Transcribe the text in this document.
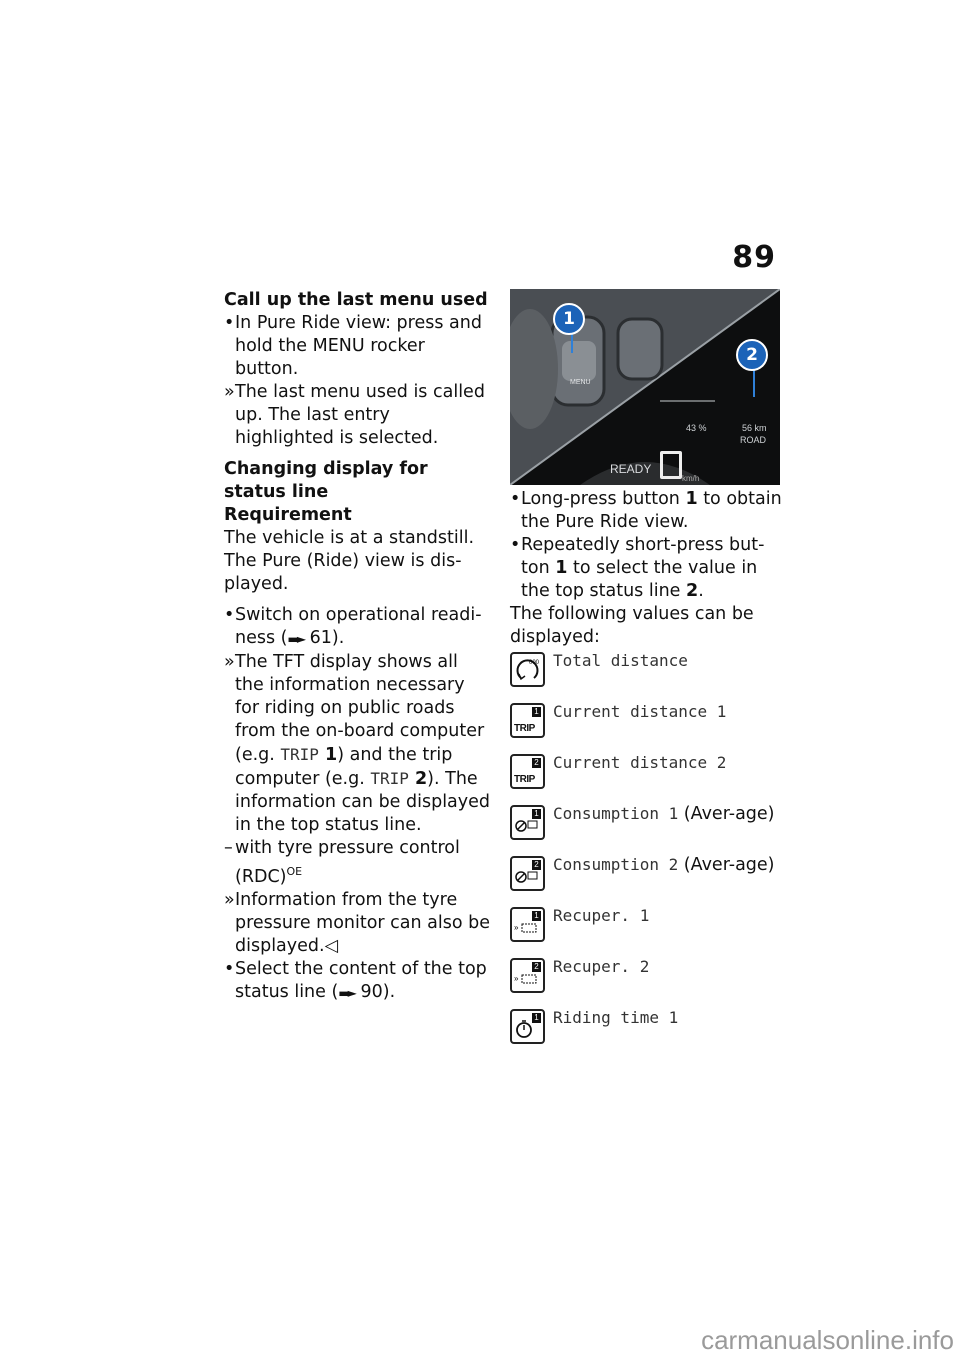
89

Call up the last menu used

• In Pure Ride view: press and hold the MENU rocker button.

» The last menu used is called up. The last entry highlighted is selected.

Changing display for status line

Requirement

The vehicle is at a standstill.

The Pure (Ride) view is dis-played.

• Switch on operational readi-ness (▬► 61).

» The TFT display shows all the information necessary for riding on public roads from the on-board computer (e.g. TRIP 1) and the trip computer (e.g. TRIP 2). The information can be displayed in the top status line.

– with tyre pressure control (RDC)$^{OE}$

» Information from the tyre pressure monitor can also be displayed.◁

• Select the content of the top status line (▬► 90).

1
2
MENU
43 %	56 km
ROAD
READY
km/h

• Long-press button 1 to obtain the Pure Ride view.

• Repeatedly short-press but-ton 1 to select the value in the top status line 2.

The following values can be displayed:

000 Total distance
TRIP
1 Current distance 1
TRIP
2 Current distance 2
1 Consumption 1 (Aver-age)
2 Consumption 2 (Aver-age)
»
1 Recuper. 1
»
2 Recuper. 2
1 Riding time 1
carmanualsonline.info
